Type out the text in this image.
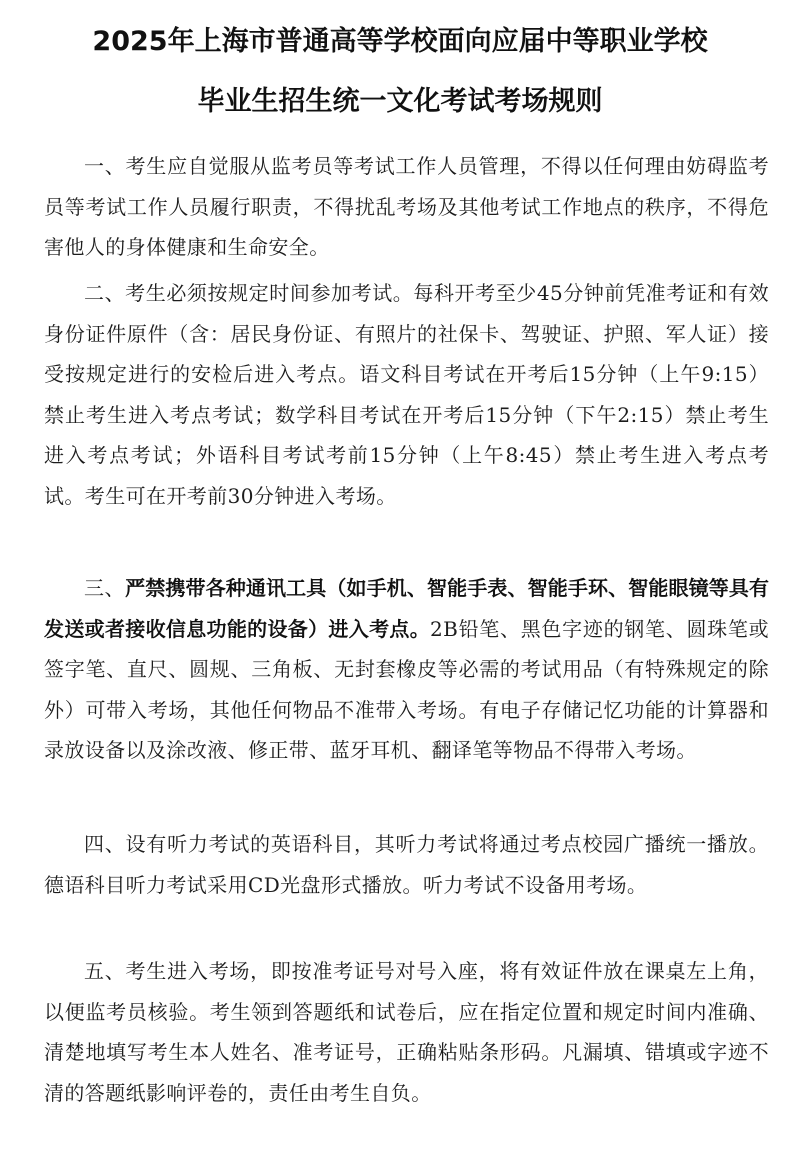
2025年上海市普通高等学校面向应届中等职业学校
毕业生招生统一文化考试考场规则

一、考生应自觉服从监考员等考试工作人员管理，不得以任何理由妨碍监考员等考试工作人员履行职责，不得扰乱考场及其他考试工作地点的秩序，不得危害他人的身体健康和生命安全。

二、考生必须按规定时间参加考试。每科开考至少45分钟前凭准考证和有效身份证件原件（含：居民身份证、有照片的社保卡、驾驶证、护照、军人证）接受按规定进行的安检后进入考点。语文科目考试在开考后15分钟（上午9:15）禁止考生进入考点考试；数学科目考试在开考后15分钟（下午2:15）禁止考生进入考点考试；外语科目考试考前15分钟（上午8:45）禁止考生进入考点考试。考生可在开考前30分钟进入考场。

三、严禁携带各种通讯工具（如手机、智能手表、智能手环、智能眼镜等具有发送或者接收信息功能的设备）进入考点。2B铅笔、黑色字迹的钢笔、圆珠笔或签字笔、直尺、圆规、三角板、无封套橡皮等必需的考试用品（有特殊规定的除外）可带入考场，其他任何物品不准带入考场。有电子存储记忆功能的计算器和录放设备以及涂改液、修正带、蓝牙耳机、翻译笔等物品不得带入考场。

四、设有听力考试的英语科目，其听力考试将通过考点校园广播统一播放。德语科目听力考试采用CD光盘形式播放。听力考试不设备用考场。

五、考生进入考场，即按准考证号对号入座，将有效证件放在课桌左上角，以便监考员核验。考生领到答题纸和试卷后，应在指定位置和规定时间内准确、清楚地填写考生本人姓名、准考证号，正确粘贴条形码。凡漏填、错填或字迹不清的答题纸影响评卷的，责任由考生自负。
